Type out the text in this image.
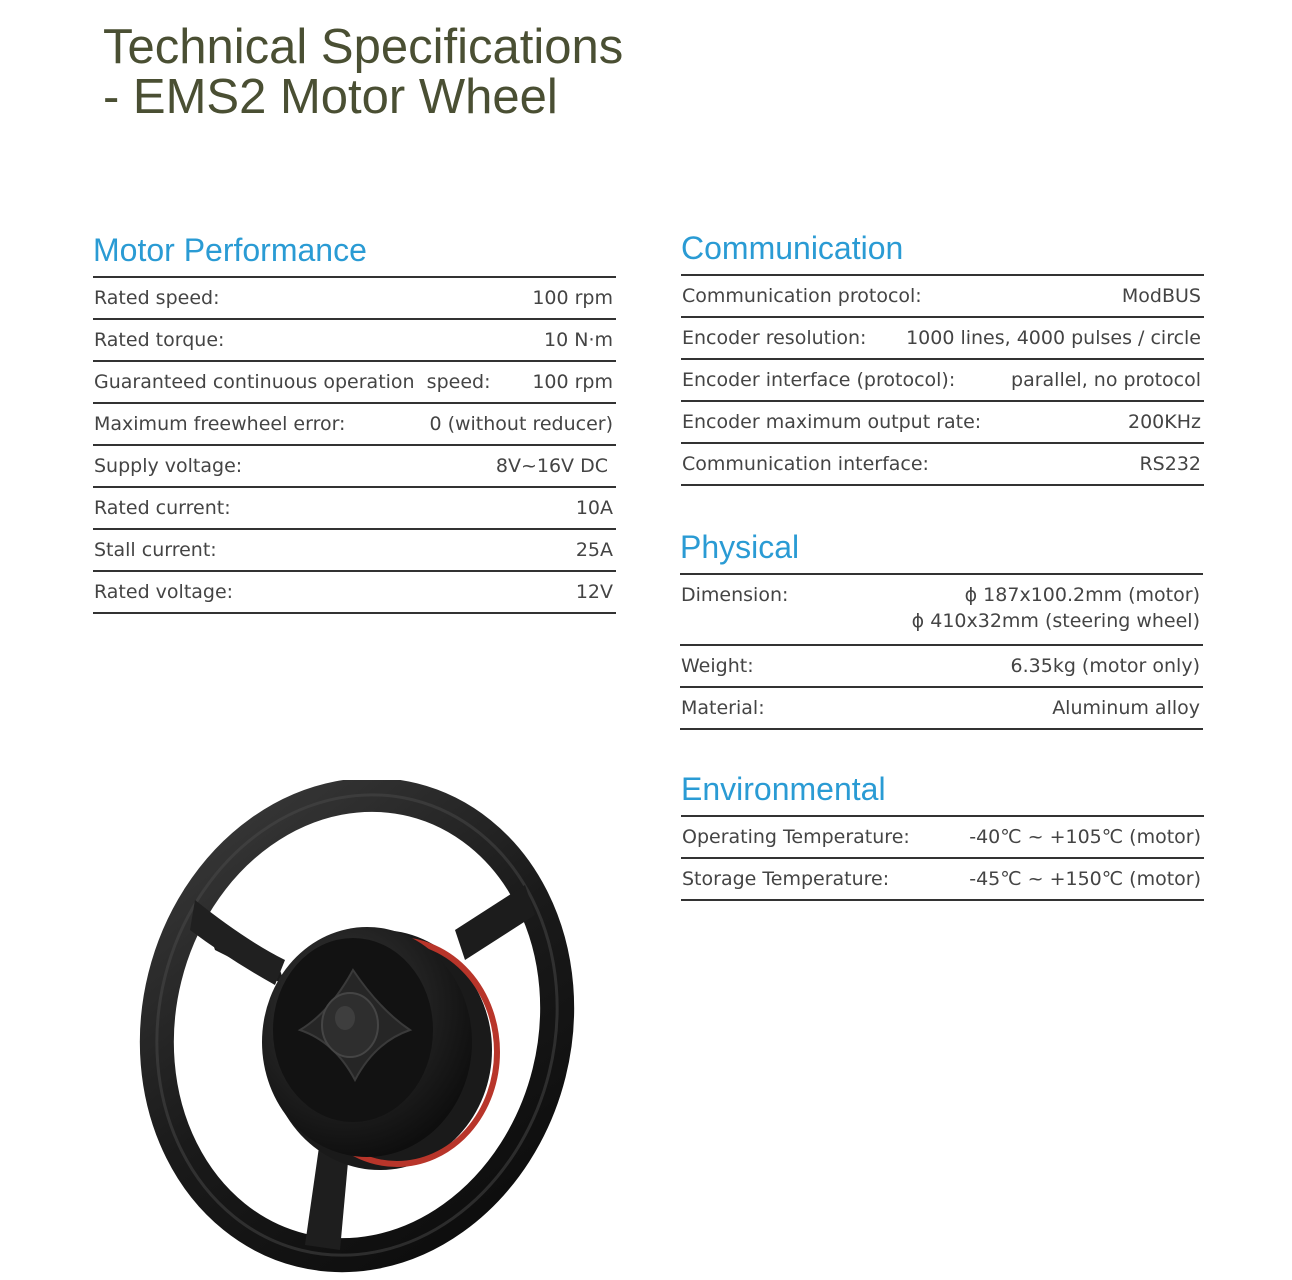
Technical Specifications
- EMS2 Motor Wheel
Motor Performance
Rated speed:	100 rpm
Rated torque:	10 N·m
Guaranteed continuous operation  speed: 100 rpm
Maximum freewheel error:	0 (without reducer)
Supply voltage:	8V~16V DC
Rated current:	10A
Stall current:	25A
Rated voltage:	12V
Communication
Communication protocol:	ModBUS
Encoder resolution: 1000 lines, 4000 pulses / circle
Encoder interface (protocol):	parallel, no protocol
Encoder maximum output rate:	200KHz
Communication interface:	RS232
Physical
Dimension:	ϕ 187x100.2mm (motor)
ϕ 410x32mm (steering wheel)
Weight:	6.35kg (motor only)
Material:	Aluminum alloy
Environmental
Operating Temperature:	-40℃ ~ +105℃ (motor)
Storage Temperature:	-45℃ ~ +150℃ (motor)
